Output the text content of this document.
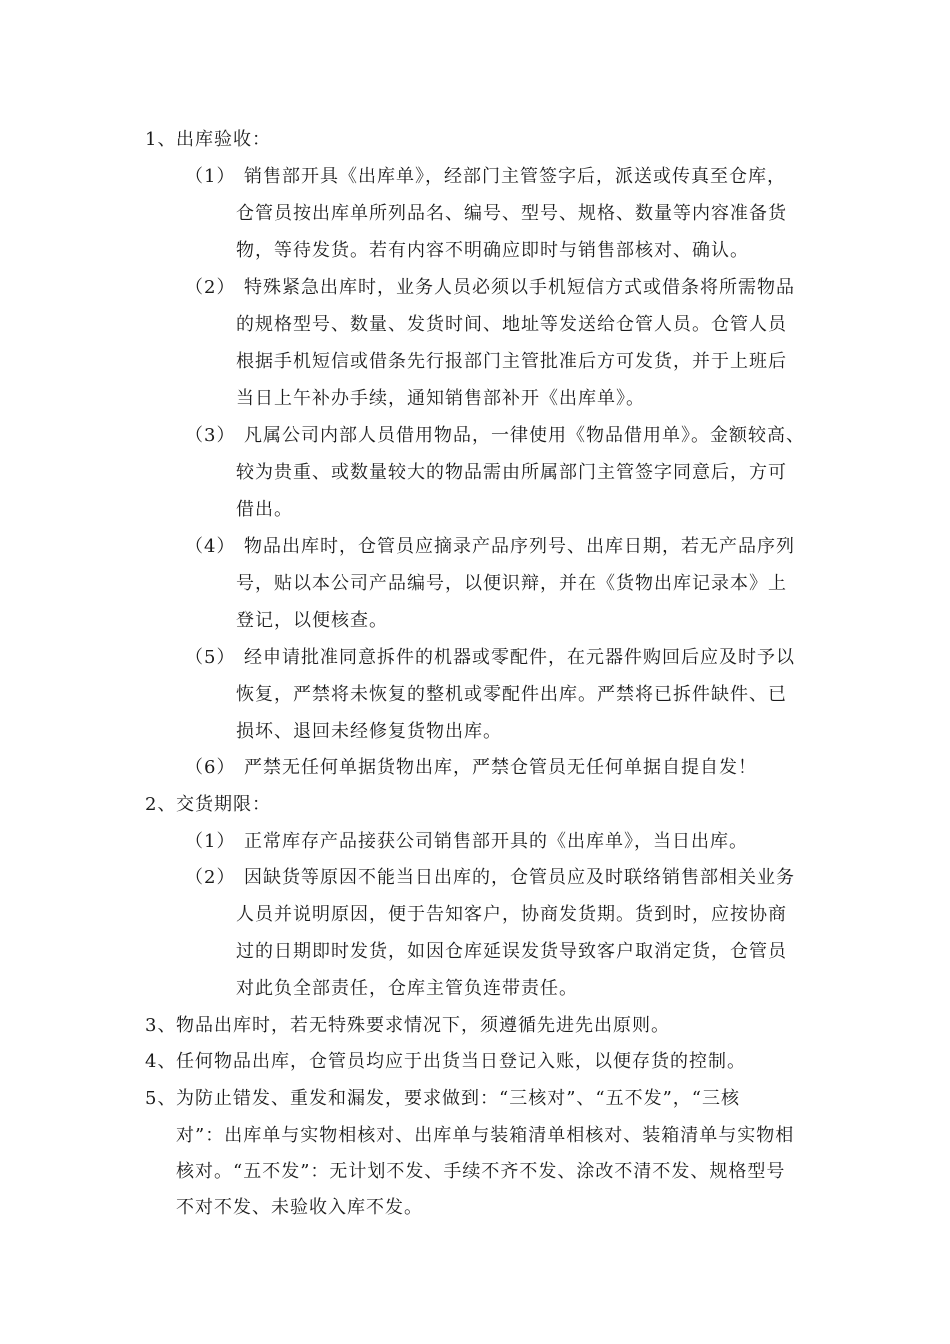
1、 出库验收：
（1） 销售部开具《出库单》，经部门主管签字后，派送或传真至仓库，
仓管员按出库单所列品名、编号、型号、规格、数量等内容准备货
物，等待发货。若有内容不明确应即时与销售部核对、确认。
（2） 特殊紧急出库时，业务人员必须以手机短信方式或借条将所需物品
的规格型号、数量、发货时间、地址等发送给仓管人员。仓管人员
根据手机短信或借条先行报部门主管批准后方可发货，并于上班后
当日上午补办手续，通知销售部补开《出库单》。
（3） 凡属公司内部人员借用物品，一律使用《物品借用单》。金额较高、
较为贵重、或数量较大的物品需由所属部门主管签字同意后，方可
借出。
（4） 物品出库时，仓管员应摘录产品序列号、出库日期，若无产品序列
号，贴以本公司产品编号，以便识辩，并在《货物出库记录本》上
登记，以便核查。
（5） 经申请批准同意拆件的机器或零配件，在元器件购回后应及时予以
恢复，严禁将未恢复的整机或零配件出库。严禁将已拆件缺件、已
损坏、退回未经修复货物出库。
（6） 严禁无任何单据货物出库，严禁仓管员无任何单据自提自发！
2、 交货期限：
（1） 正常库存产品接获公司销售部开具的《出库单》，当日出库。
（2） 因缺货等原因不能当日出库的，仓管员应及时联络销售部相关业务
人员并说明原因，便于告知客户，协商发货期。货到时，应按协商
过的日期即时发货，如因仓库延误发货导致客户取消定货，仓管员
对此负全部责任，仓库主管负连带责任。
3、 物品出库时，若无特殊要求情况下，须遵循先进先出原则。
4、 任何物品出库，仓管员均应于出货当日登记入账，以便存货的控制。
5、 为防止错发、重发和漏发，要求做到：“三核对”、“五不发”，“三核
对”：出库单与实物相核对、出库单与装箱清单相核对、装箱清单与实物相
核对。“五不发”：无计划不发、手续不齐不发、涂改不清不发、规格型号
不对不发、未验收入库不发。
